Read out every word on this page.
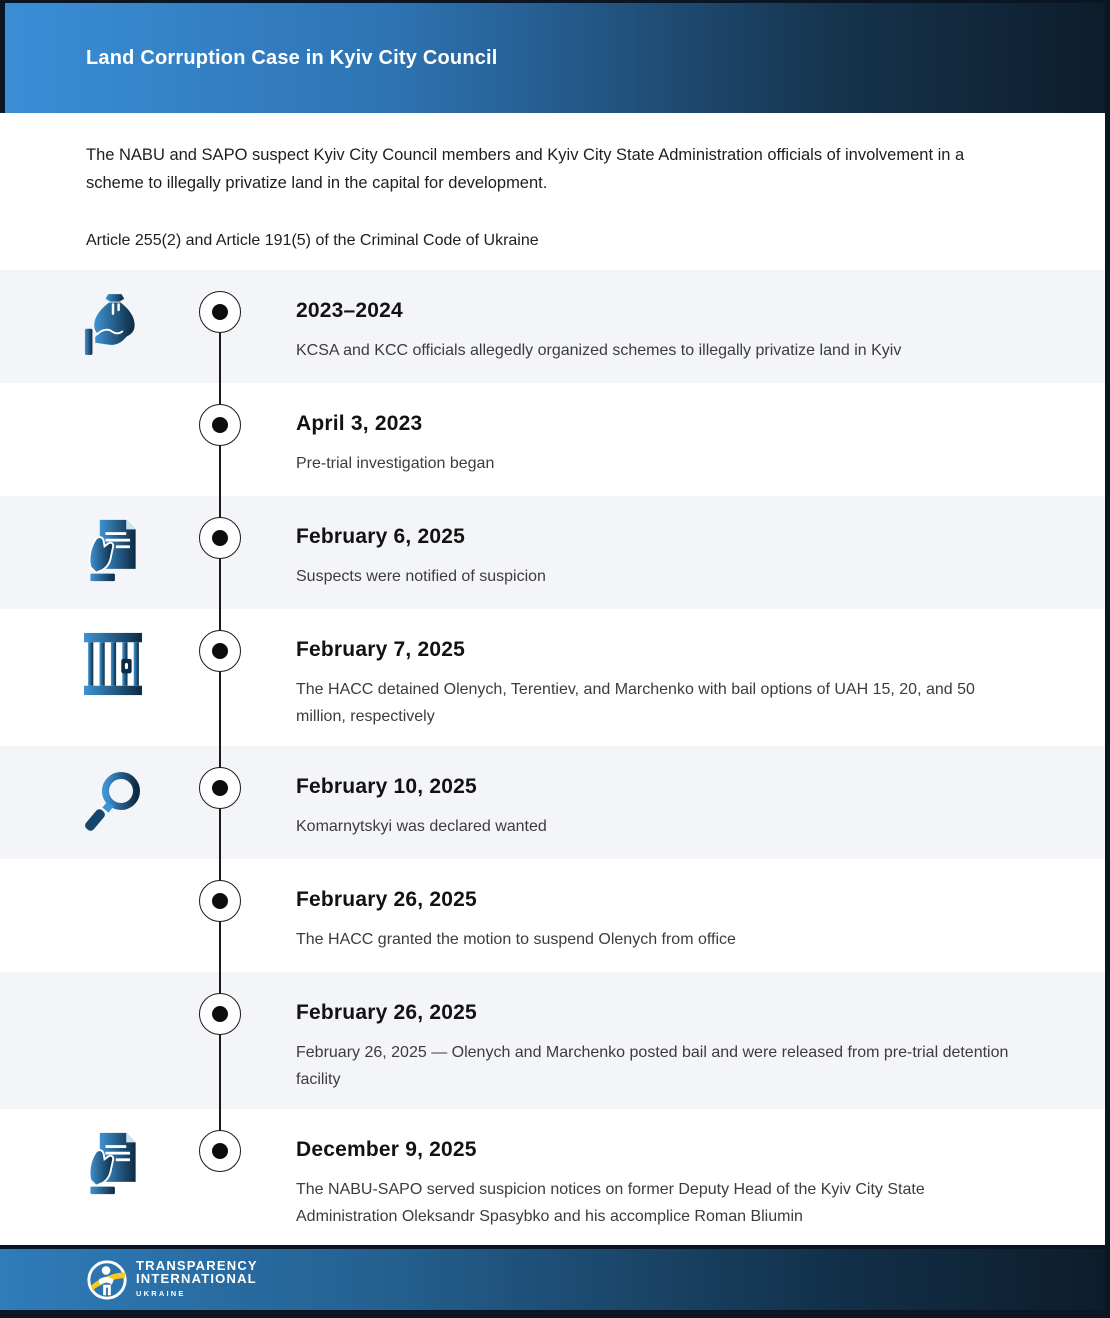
Land Corruption Case in Kyiv City Council
The NABU and SAPO suspect Kyiv City Council members and Kyiv City State Administration officials of involvement in a scheme to illegally privatize land in the capital for development.
Article 255(2) and Article 191(5) of the Criminal Code of Ukraine
2023–2024
KCSA and KCC officials allegedly organized schemes to illegally privatize land in Kyiv
April 3, 2023
Pre-trial investigation began
February 6, 2025
Suspects were notified of suspicion
February 7, 2025
The HACC detained Olenych, Terentiev, and Marchenko with bail options of UAH 15, 20, and 50 million, respectively
February 10, 2025
Komarnytskyi was declared wanted
February 26, 2025
The HACC granted the motion to suspend Olenych from office
February 26, 2025
February 26, 2025 — Olenych and Marchenko posted bail and were released from pre-trial detention facility
December 9, 2025
The NABU-SAPO served suspicion notices on former Deputy Head of the Kyiv City State Administration Oleksandr Spasybko and his accomplice Roman Bliumin
TRANSPARENCY
INTERNATIONAL
UKRAINE
